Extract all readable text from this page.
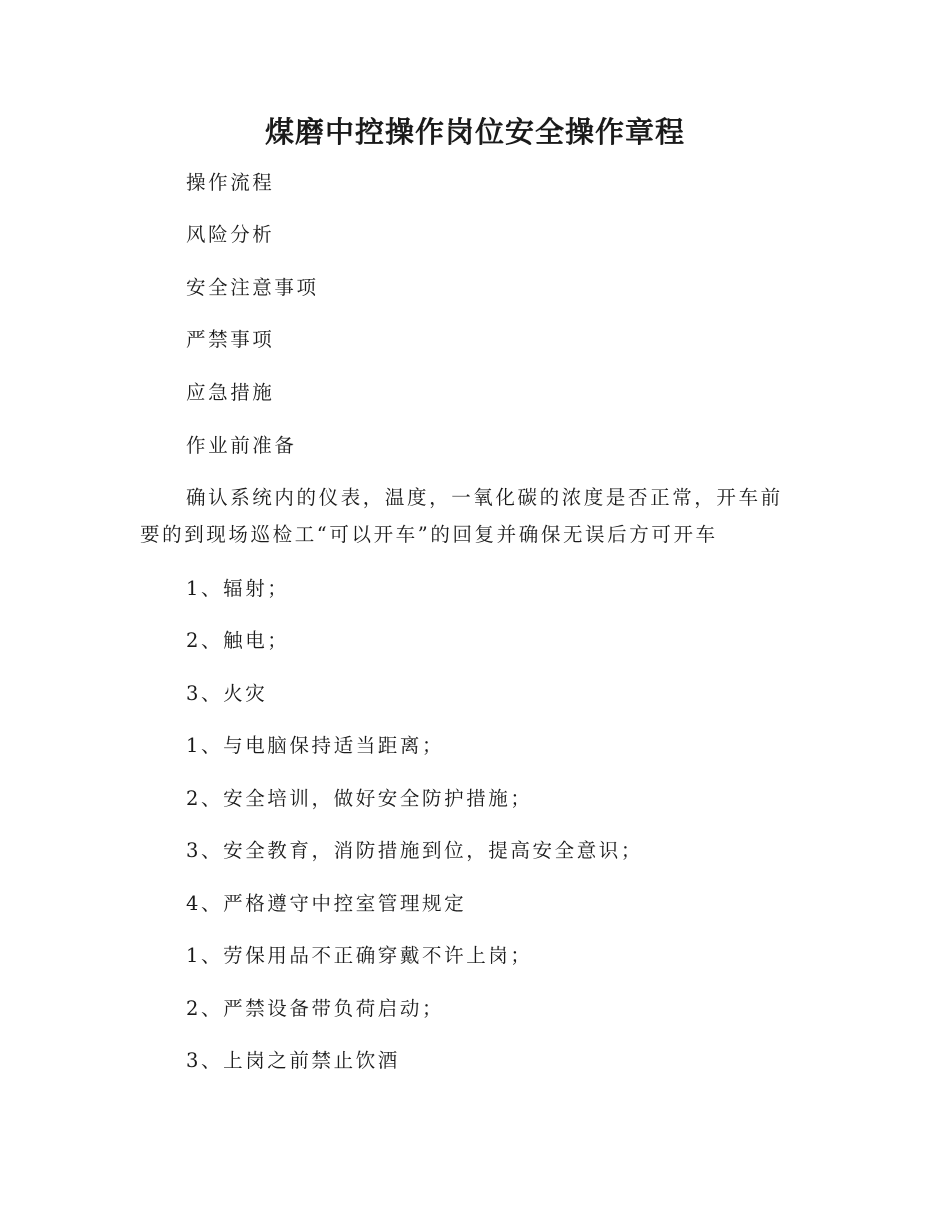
煤磨中控操作岗位安全操作章程
操作流程
风险分析
安全注意事项
严禁事项
应急措施
作业前准备
确认系统内的仪表，温度，一氧化碳的浓度是否正常，开车前要的到现场巡检工“可以开车”的回复并确保无误后方可开车
1、辐射；
2、触电；
3、火灾
1、与电脑保持适当距离；
2、安全培训，做好安全防护措施；
3、安全教育，消防措施到位，提高安全意识；
4、严格遵守中控室管理规定
1、劳保用品不正确穿戴不许上岗；
2、严禁设备带负荷启动；
3、上岗之前禁止饮酒
